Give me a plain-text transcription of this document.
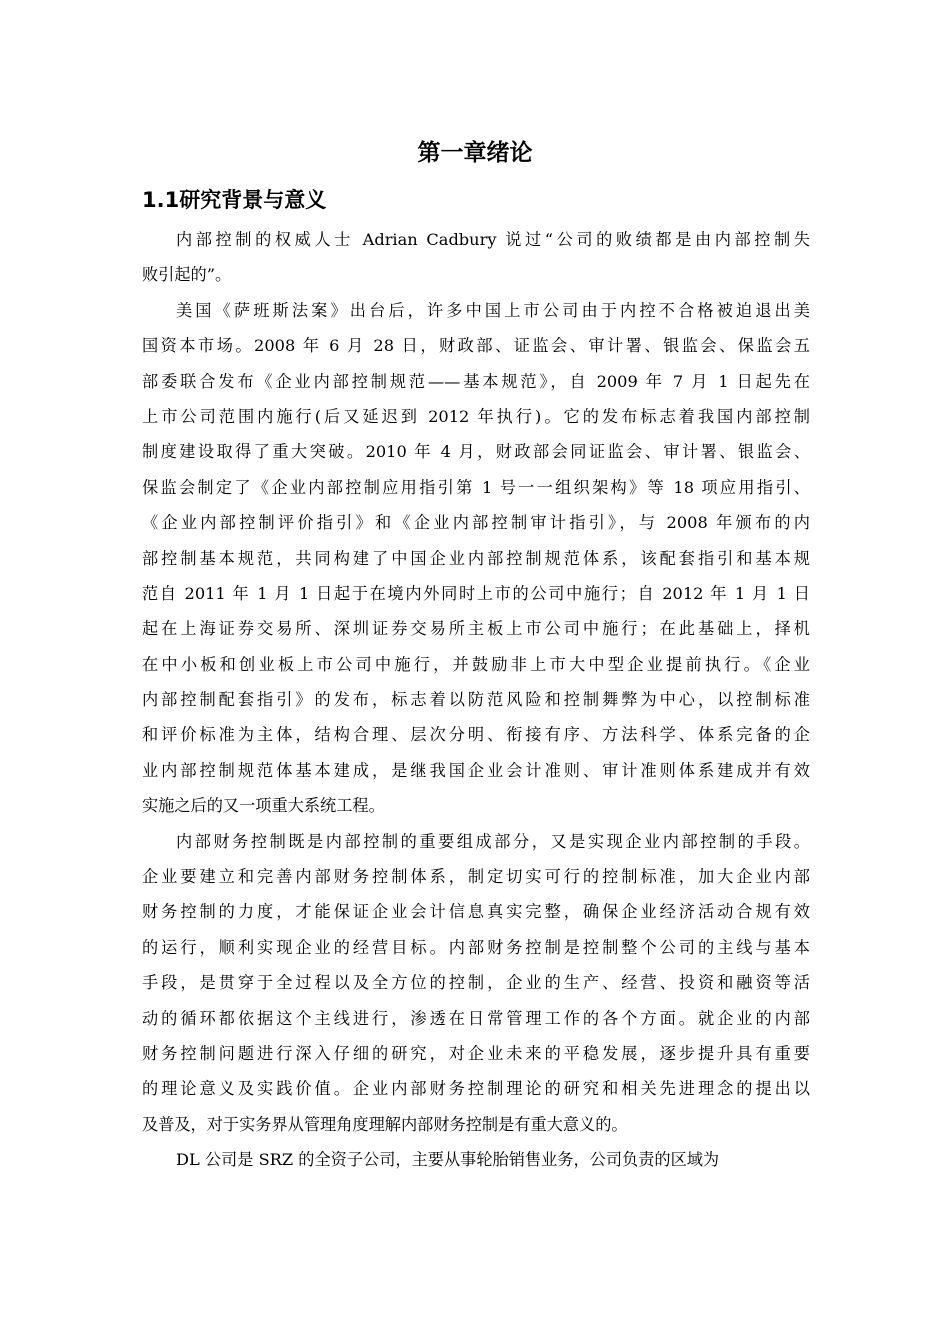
第一章绪论
1.1研究背景与意义
内部控制的权威人士 Adrian Cadbury 说过“公司的败绩都是由内部控制失
败引起的”。
美国《萨班斯法案》出台后，许多中国上市公司由于内控不合格被迫退出美
国资本市场。2008 年 6 月 28 日，财政部、证监会、审计署、银监会、保监会五
部委联合发布《企业内部控制规范——基本规范》，自 2009 年 7 月 1 日起先在
上市公司范围内施行(后又延迟到 2012 年执行)。它的发布标志着我国内部控制
制度建设取得了重大突破。2010 年 4 月，财政部会同证监会、审计署、银监会、
保监会制定了《企业内部控制应用指引第 1 号一一组织架构》等 18 项应用指引、
《企业内部控制评价指引》和《企业内部控制审计指引》，与 2008 年颁布的内
部控制基本规范，共同构建了中国企业内部控制规范体系，该配套指引和基本规
范自 2011 年 1 月 1 日起于在境内外同时上市的公司中施行；自 2012 年 1 月 1 日
起在上海证券交易所、深圳证券交易所主板上市公司中施行；在此基础上，择机
在中小板和创业板上市公司中施行，并鼓励非上市大中型企业提前执行。《企业
内部控制配套指引》的发布，标志着以防范风险和控制舞弊为中心，以控制标准
和评价标准为主体，结构合理、层次分明、衔接有序、方法科学、体系完备的企
业内部控制规范体基本建成，是继我国企业会计准则、审计准则体系建成并有效
实施之后的又一项重大系统工程。
内部财务控制既是内部控制的重要组成部分，又是实现企业内部控制的手段。
企业要建立和完善内部财务控制体系，制定切实可行的控制标准，加大企业内部
财务控制的力度，才能保证企业会计信息真实完整，确保企业经济活动合规有效
的运行，顺利实现企业的经营目标。内部财务控制是控制整个公司的主线与基本
手段，是贯穿于全过程以及全方位的控制，企业的生产、经营、投资和融资等活
动的循环都依据这个主线进行，渗透在日常管理工作的各个方面。就企业的内部
财务控制问题进行深入仔细的研究，对企业未来的平稳发展，逐步提升具有重要
的理论意义及实践价值。企业内部财务控制理论的研究和相关先进理念的提出以
及普及，对于实务界从管理角度理解内部财务控制是有重大意义的。
DL 公司是 SRZ 的全资子公司，主要从事轮胎销售业务，公司负责的区域为
